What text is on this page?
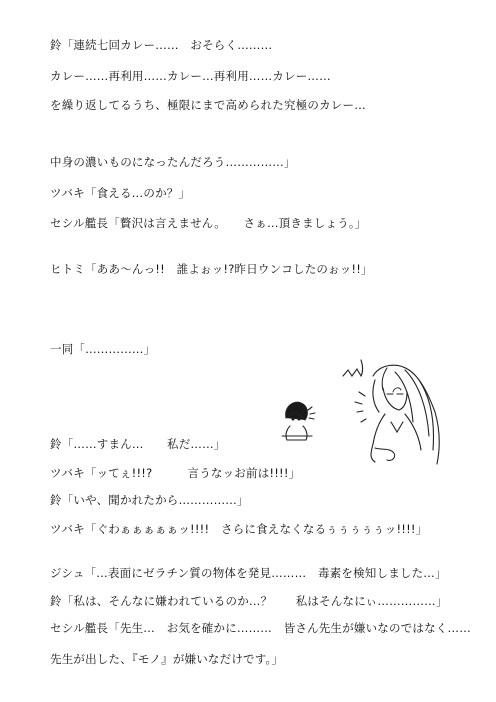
鈴「連続七回カレー……　おそらく………
カレー……再利用……カレー…再利用……カレー……
を繰り返してるうち、極限にまで高められた究極のカレー…
中身の濃いものになったんだろう……………」
ツバキ「食える…のか？」
セシル艦長「贅沢は言えません。　　さぁ…頂きましょう。」
ヒトミ「ああ～んっ!!　誰よぉッ!?昨日ウンコしたのぉッ!!」
一同「……………」
鈴「……すまん…　　私だ……」
ツバキ「ッてぇ!!!?　　　言うなッお前は!!!!」
鈴「いや、聞かれたから……………」
ツバキ「ぐわぁぁぁぁぁッ!!!!　さらに食えなくなるぅぅぅぅぅッ!!!!」
ジシュ「…表面にゼラチン質の物体を発見………　毒素を検知しました…」
鈴「私は、そんなに嫌われているのか…？　　私はそんなにぃ……………」
セシル艦長「先生…　お気を確かに………　皆さん先生が嫌いなのではなく……
先生が出した、『モノ』が嫌いなだけです。」
